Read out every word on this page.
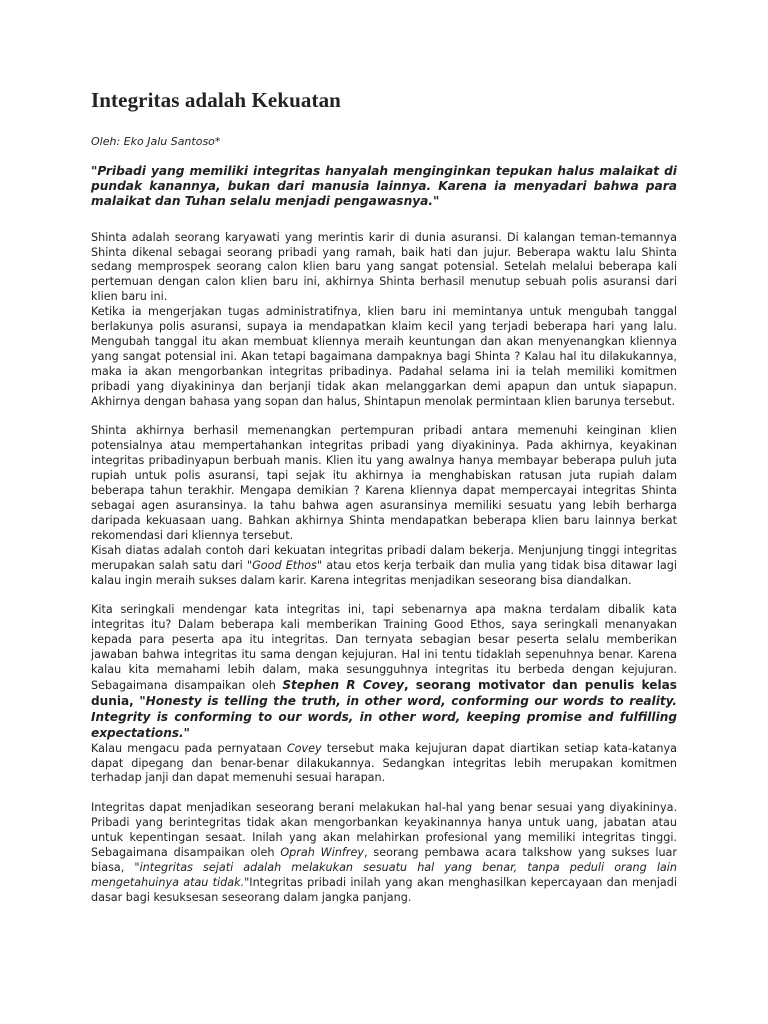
Integritas adalah Kekuatan

Oleh: Eko Jalu Santoso*

"Pribadi yang memiliki integritas hanyalah menginginkan tepukan halus malaikat di pundak kanannya, bukan dari manusia lainnya. Karena ia menyadari bahwa para malaikat dan Tuhan selalu menjadi pengawasnya."

Shinta adalah seorang karyawati yang merintis karir di dunia asuransi. Di kalangan teman-temannya Shinta dikenal sebagai seorang pribadi yang ramah, baik hati dan jujur. Beberapa waktu lalu Shinta sedang memprospek seorang calon klien baru yang sangat potensial. Setelah melalui beberapa kali pertemuan dengan calon klien baru ini, akhirnya Shinta berhasil menutup sebuah polis asuransi dari klien baru ini.

Ketika ia mengerjakan tugas administratifnya, klien baru ini memintanya untuk mengubah tanggal berlakunya polis asuransi, supaya ia mendapatkan klaim kecil yang terjadi beberapa hari yang lalu. Mengubah tanggal itu akan membuat kliennya meraih keuntungan dan akan menyenangkan kliennya yang sangat potensial ini. Akan tetapi bagaimana dampaknya bagi Shinta ? Kalau hal itu dilakukannya, maka ia akan mengorbankan integritas pribadinya. Padahal selama ini ia telah memiliki komitmen pribadi yang diyakininya dan berjanji tidak akan melanggarkan demi apapun dan untuk siapapun. Akhirnya dengan bahasa yang sopan dan halus, Shintapun menolak permintaan klien barunya tersebut.

Shinta akhirnya berhasil memenangkan pertempuran pribadi antara memenuhi keinginan klien potensialnya atau mempertahankan integritas pribadi yang diyakininya. Pada akhirnya, keyakinan integritas pribadinyapun berbuah manis. Klien itu yang awalnya hanya membayar beberapa puluh juta rupiah untuk polis asuransi, tapi sejak itu akhirnya ia menghabiskan ratusan juta rupiah dalam beberapa tahun terakhir. Mengapa demikian ? Karena kliennya dapat mempercayai integritas Shinta sebagai agen asuransinya. Ia tahu bahwa agen asuransinya memiliki sesuatu yang lebih berharga daripada kekuasaan uang. Bahkan akhirnya Shinta mendapatkan beberapa klien baru lainnya berkat rekomendasi dari kliennya tersebut.

Kisah diatas adalah contoh dari kekuatan integritas pribadi dalam bekerja. Menjunjung tinggi integritas merupakan salah satu dari "Good Ethos" atau etos kerja terbaik dan mulia yang tidak bisa ditawar lagi kalau ingin meraih sukses dalam karir. Karena integritas menjadikan seseorang bisa diandalkan.

Kita seringkali mendengar kata integritas ini, tapi sebenarnya apa makna terdalam dibalik kata integritas itu? Dalam beberapa kali memberikan Training Good Ethos, saya seringkali menanyakan kepada para peserta apa itu integritas. Dan ternyata sebagian besar peserta selalu memberikan jawaban bahwa integritas itu sama dengan kejujuran. Hal ini tentu tidaklah sepenuhnya benar. Karena kalau kita memahami lebih dalam, maka sesungguhnya integritas itu berbeda dengan kejujuran. Sebagaimana disampaikan oleh Stephen R Covey, seorang motivator dan penulis kelas dunia, "Honesty is telling the truth, in other word, conforming our words to reality. Integrity is conforming to our words, in other word, keeping promise and fulfilling expectations."

Kalau mengacu pada pernyataan Covey tersebut maka kejujuran dapat diartikan setiap kata-katanya dapat dipegang dan benar-benar dilakukannya. Sedangkan integritas lebih merupakan komitmen terhadap janji dan dapat memenuhi sesuai harapan.

Integritas dapat menjadikan seseorang berani melakukan hal-hal yang benar sesuai yang diyakininya. Pribadi yang berintegritas tidak akan mengorbankan keyakinannya hanya untuk uang, jabatan atau untuk kepentingan sesaat. Inilah yang akan melahirkan profesional yang memiliki integritas tinggi. Sebagaimana disampaikan oleh Oprah Winfrey, seorang pembawa acara talkshow yang sukses luar biasa, "integritas sejati adalah melakukan sesuatu hal yang benar, tanpa peduli orang lain mengetahuinya atau tidak."Integritas pribadi inilah yang akan menghasilkan kepercayaan dan menjadi dasar bagi kesuksesan seseorang dalam jangka panjang.
